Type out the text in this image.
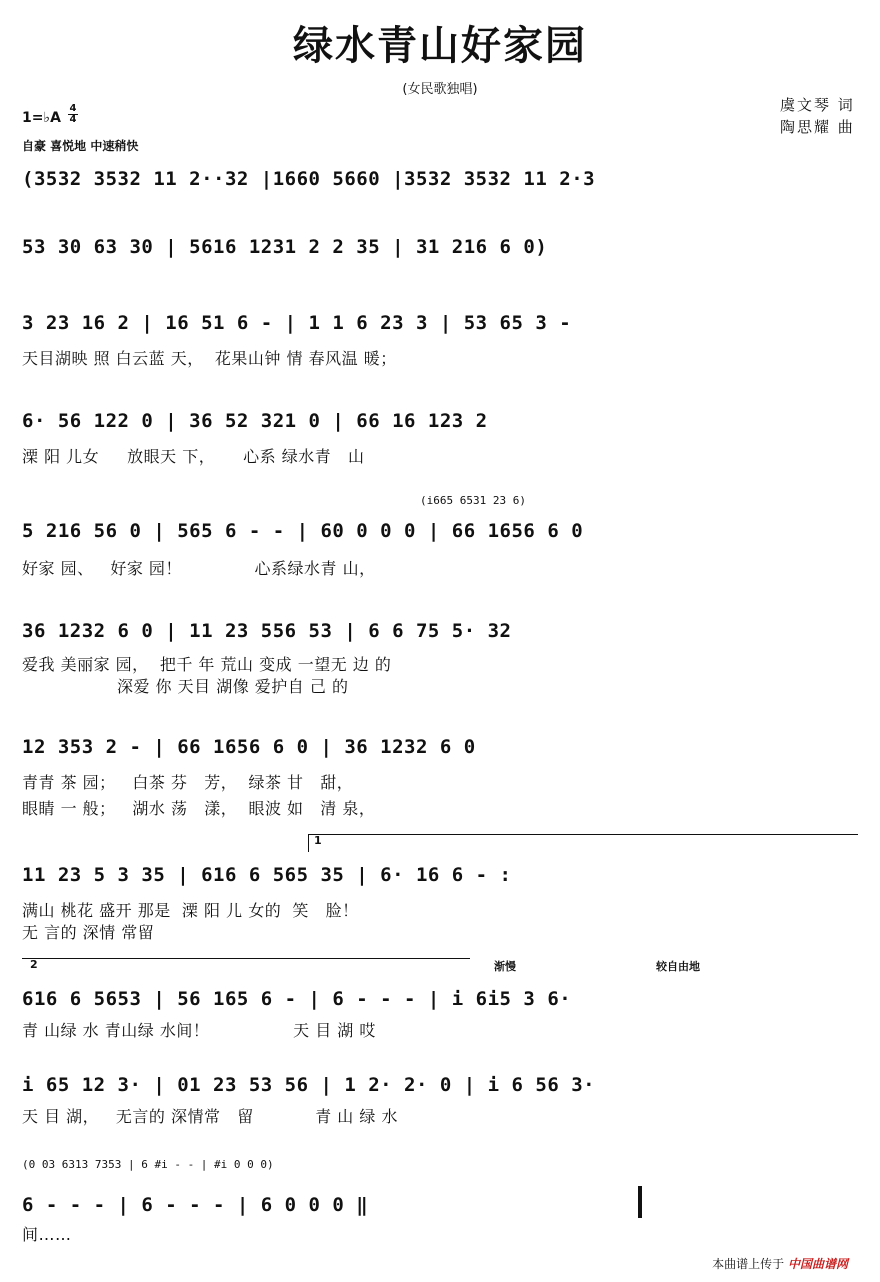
绿水青山好家园
(女民歌独唱)
虞文琴 词
陶思耀 曲
1=♭A
4
4
自豪 喜悦地 中速稍快
(3532 3532 11 2··32 |1660 5660 |3532 3532 11 2·3
53 30 63 30 | 5616 1231 2 2 35 | 31 216 6 0)
3 23 16 2 | 16 51 6 - | 1 1 6 23 3 | 53 65 3 -
天目湖映 照 白云蓝 天，  花果山钟 情 春风温 暖；
6· 56 122 0 | 36 52 321 0 | 66 16 123 2
溧 阳 儿女     放眼天 下，     心系 绿水青   山
(i665 6531 23 6)
5 216 56 0 | 565 6 - - | 60 0 0 0 | 66 1656 6 0
好家 园、   好家 园！             心系绿水青 山，
36 1232 6 0 | 11 23 556 53 | 6 6 75 5· 32
爱我 美丽家 园，  把千 年 荒山 变成 一望无 边 的
深爱 你 天目 湖像 爱护自 己 的
12 353 2 - | 66 1656 6 0 | 36 1232 6 0
青青 茶 园；   白茶 芬   芳，  绿茶 甘   甜，
眼睛 一 般；   湖水 荡   漾，  眼波 如   清 泉，
1
11 23 5 3 35 | 616 6 565 35 | 6· 16 6 - :
满山 桃花 盛开 那是  溧 阳 儿 女的  笑   脸！
无 言的 深情 常留
2	渐慢	较自由地
616 6 5653 | 56 165 6 - | 6 - - - | i 6i5 3 6·
青 山绿 水 青山绿 水间！               天 目 湖 哎
i 65 12 3· | 01 23 53 56 | 1 2· 2· 0 | i 6 56 3·
天 目 湖，   无言的 深情常   留           青 山 绿 水
(0 03 6313 7353 | 6 #i - - | #i 0 0 0)
6 - - - | 6 - - - | 6 0 0 0 ‖
间……
本曲谱上传于 中国曲谱网
